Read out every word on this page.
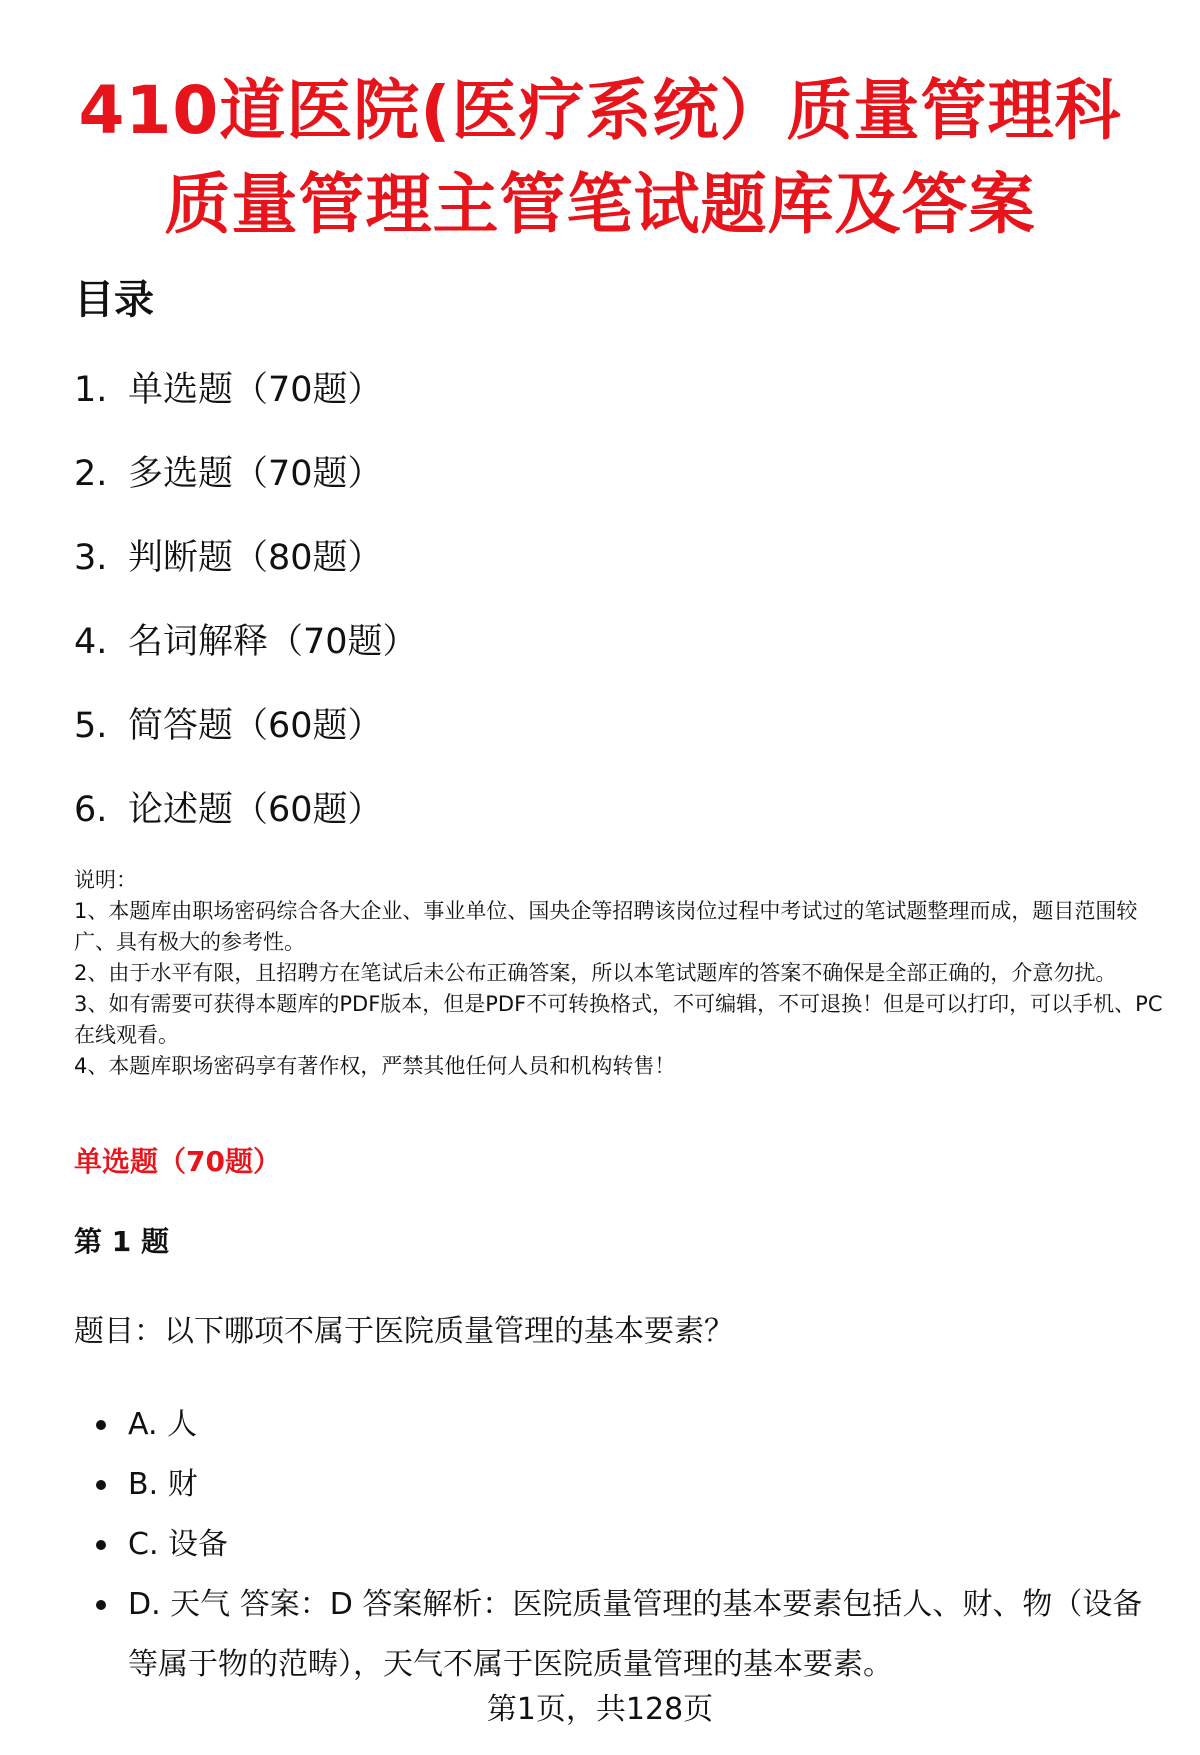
410道医院(医疗系统）质量管理科
质量管理主管笔试题库及答案
目录
1. 单选题（70题）
2. 多选题（70题）
3. 判断题（80题）
4. 名词解释（70题）
5. 简答题（60题）
6. 论述题（60题）

说明：

1、本题库由职场密码综合各大企业、事业单位、国央企等招聘该岗位过程中考试过的笔试题整理而成，题目范围较广、具有极大的参考性。

2、由于水平有限，且招聘方在笔试后未公布正确答案，所以本笔试题库的答案不确保是全部正确的，介意勿扰。

3、如有需要可获得本题库的PDF版本，但是PDF不可转换格式，不可编辑，不可退换！但是可以打印，可以手机、PC在线观看。

4、本题库职场密码享有著作权，严禁其他任何人员和机构转售！

单选题（70题）
第 1 题
题目：以下哪项不属于医院质量管理的基本要素？
A. 人
B. 财
C. 设备
D. 天气 答案：D 答案解析：医院质量管理的基本要素包括人、财、物（设备等属于物的范畴），天气不属于医院质量管理的基本要素。
第1页，共128页
